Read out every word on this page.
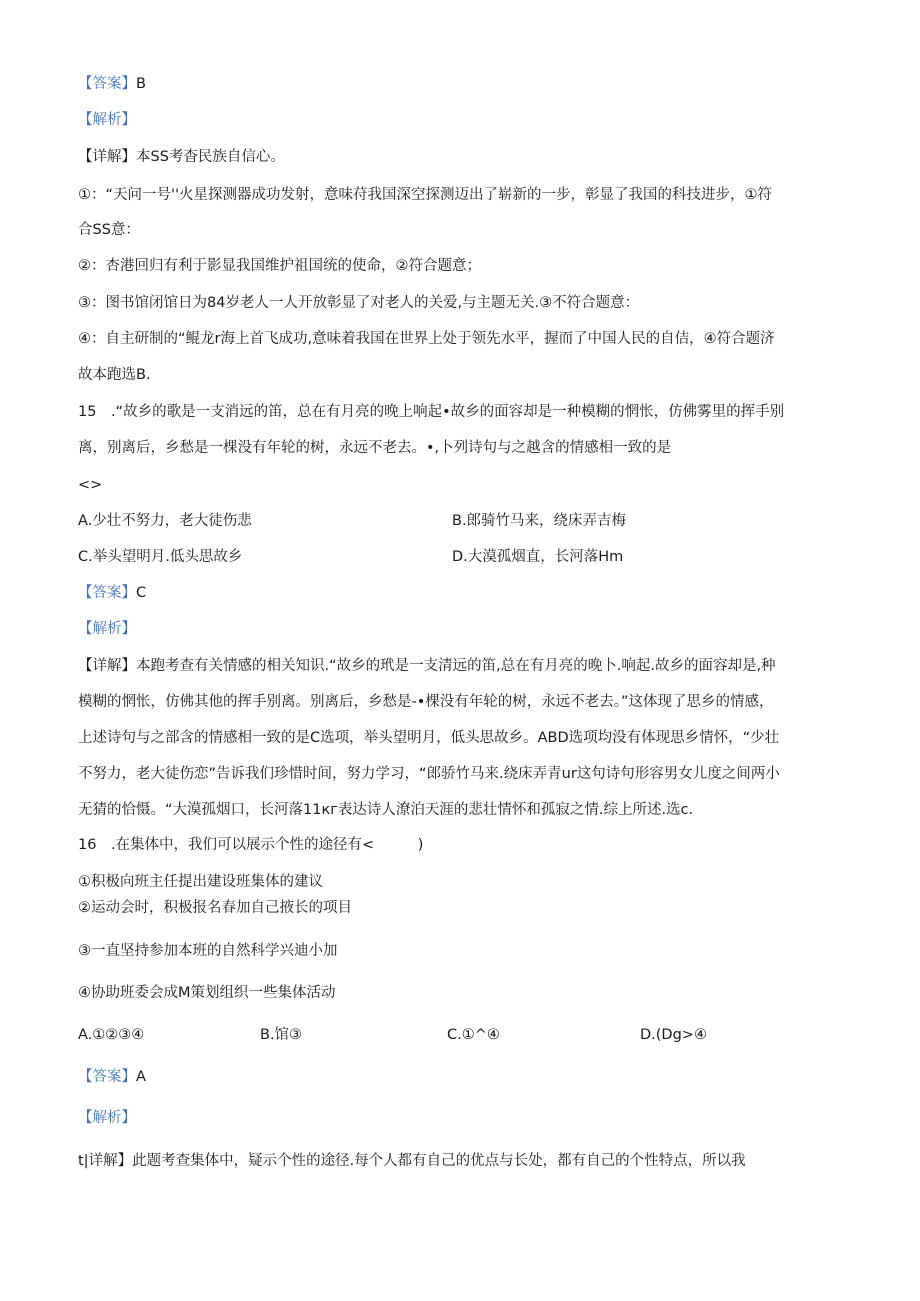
【答案】B

【解析】

【详解】本SS考杳民族自信心。

①：“天问一号''火星探测器成功发射，意味苻我国深空探测迈出了崭新的一步，彰显了我国的科技进步，①符

合SS意：

②：杏港回归有利于影显我国维护祖国统的使命，②符合题意；

③：图书馆闭馆日为84岁老人一人开放彰显了对老人的关爱,与主题无关.③不符合题意：

④：自主研制的“鲲龙r海上首飞成功,意味着我国在世界上处于领先水平，握而了中国人民的自佶，④符合题济

故本跑选B.

15　.“故乡的歌是一支消远的笛，总在有月亮的晚上响起•故乡的面容却是一种模糊的惘怅，仿佛雾里的挥手别

离，别离后，乡愁是一棵没有年轮的树，永远不老去。•,卜列诗句与之越含的情感相一致的是

<>

A.少壮不努力，老大徒伤悲	B.郎骑竹马来，绕床弄吉梅

C.举头望明月.低头思故乡	D.大漠孤烟直，长河落Hm

【答案】C

【解析】

【详解】本跑考查有关情感的相关知识.“故乡的玳是一支清远的笛,总在有月亮的晚卜.响起.故乡的面容却是,种

模糊的惘怅，仿佛其他的挥手别离。别离后，乡愁是-•棵没有年轮的树，永远不老去。”这体现了思乡的情感，

上述诗句与之部含的情感相一致的是C选项，举头望明月，低头思故乡。ABD选项均没有体现思乡情怀，“少壮

不努力，老大徒伤恋”告诉我们珍惜时间，努力学习，“郎骄竹马来.绕床弄青ur这句诗句形容男女儿度之间两小

无猜的恰慑。“大漠孤烟口，长河落11кг表达诗人潦泊天涯的悲壮情怀和孤寂之情.综上所述.选c.

16　.在集体中，我们可以展示个性的途径有<　　　)

①积极向班主任提出建设班集体的建议

②运动会时，积极报名春加自己掖长的项目

③一直坚持参加本班的自然科学兴迪小加

④协助班委会成M策划组织一些集体活动

A.①②③④	B.馆③	C.①^④	D.(Dg>④

【答案】A

【解析】

t|详解】此题考查集体中，疑示个性的途径.每个人都有自己的优点与长处，都有自己的个性特点，所以我
